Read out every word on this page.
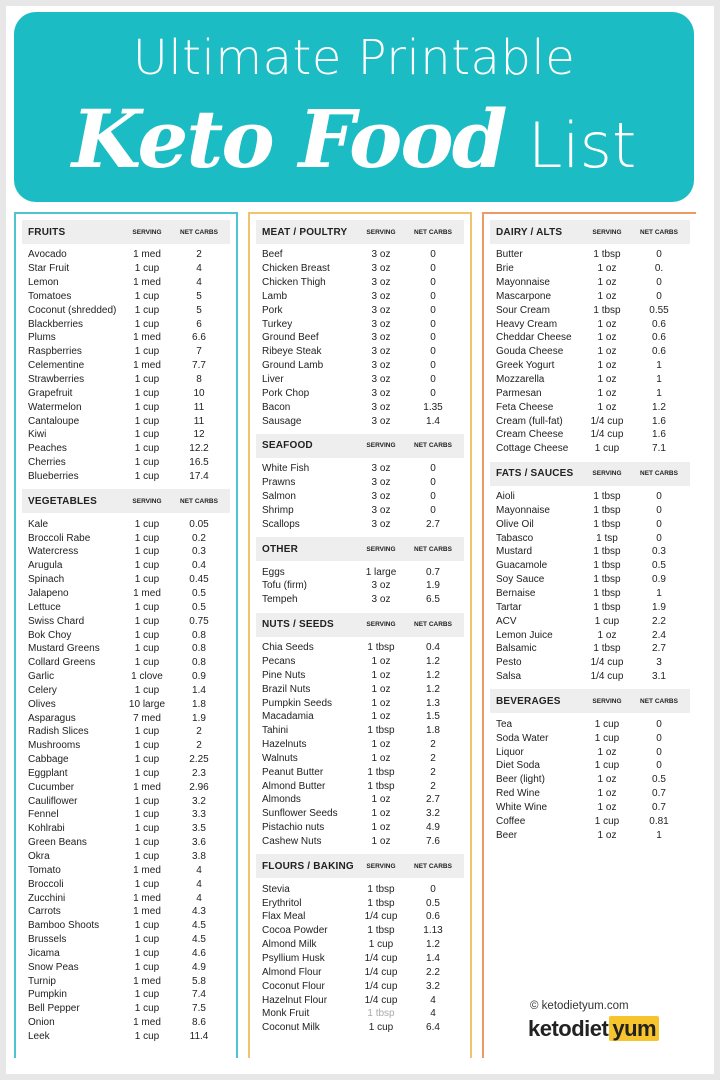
Ultimate Printable
Keto Food List
FRUITS	SERVING	NET CARBS
Avocado	1 med	2
Star Fruit	1 cup	4
Lemon	1 med	4
Tomatoes	1 cup	5
Coconut (shredded)	1 cup	5
Blackberries	1 cup	6
Plums	1 med	6.6
Raspberries	1 cup	7
Celementine	1 med	7.7
Strawberries	1 cup	8
Grapefruit	1 cup	10
Watermelon	1 cup	11
Cantaloupe	1 cup	11
Kiwi	1 cup	12
Peaches	1 cup	12.2
Cherries	1 cup	16.5
Blueberries	1 cup	17.4
VEGETABLES	SERVING	NET CARBS
Kale	1 cup	0.05
Broccoli Rabe	1 cup	0.2
Watercress	1 cup	0.3
Arugula	1 cup	0.4
Spinach	1 cup	0.45
Jalapeno	1 med	0.5
Lettuce	1 cup	0.5
Swiss Chard	1 cup	0.75
Bok Choy	1 cup	0.8
Mustard Greens	1 cup	0.8
Collard Greens	1 cup	0.8
Garlic	1 clove	0.9
Celery	1 cup	1.4
Olives	10 large	1.8
Asparagus	7 med	1.9
Radish Slices	1 cup	2
Mushrooms	1 cup	2
Cabbage	1 cup	2.25
Eggplant	1 cup	2.3
Cucumber	1 med	2.96
Cauliflower	1 cup	3.2
Fennel	1 cup	3.3
Kohlrabi	1 cup	3.5
Green Beans	1 cup	3.6
Okra	1 cup	3.8
Tomato	1 med	4
Broccoli	1 cup	4
Zucchini	1 med	4
Carrots	1 med	4.3
Bamboo Shoots	1 cup	4.5
Brussels	1 cup	4.5
Jicama	1 cup	4.6
Snow Peas	1 cup	4.9
Turnip	1 med	5.8
Pumpkin	1 cup	7.4
Bell Pepper	1 cup	7.5
Onion	1 med	8.6
Leek	1 cup	11.4
MEAT / POULTRY	SERVING	NET CARBS
Beef	3 oz	0
Chicken Breast	3 oz	0
Chicken Thigh	3 oz	0
Lamb	3 oz	0
Pork	3 oz	0
Turkey	3 oz	0
Ground Beef	3 oz	0
Ribeye Steak	3 oz	0
Ground Lamb	3 oz	0
Liver	3 oz	0
Pork Chop	3 oz	0
Bacon	3 oz	1.35
Sausage	3 oz	1.4
SEAFOOD	SERVING	NET CARBS
White Fish	3 oz	0
Prawns	3 oz	0
Salmon	3 oz	0
Shrimp	3 oz	0
Scallops	3 oz	2.7
OTHER	SERVING	NET CARBS
Eggs	1 large	0.7
Tofu (firm)	3 oz	1.9
Tempeh	3 oz	6.5
NUTS / SEEDS	SERVING	NET CARBS
Chia Seeds	1 tbsp	0.4
Pecans	1 oz	1.2
Pine Nuts	1 oz	1.2
Brazil Nuts	1 oz	1.2
Pumpkin Seeds	1 oz	1.3
Macadamia	1 oz	1.5
Tahini	1 tbsp	1.8
Hazelnuts	1 oz	2
Walnuts	1 oz	2
Peanut Butter	1 tbsp	2
Almond Butter	1 tbsp	2
Almonds	1 oz	2.7
Sunflower Seeds	1 oz	3.2
Pistachio nuts	1 oz	4.9
Cashew Nuts	1 oz	7.6
FLOURS / BAKING	SERVING	NET CARBS
Stevia	1 tbsp	0
Erythritol	1 tbsp	0.5
Flax Meal	1/4 cup	0.6
Cocoa Powder	1 tbsp	1.13
Almond Milk	1 cup	1.2
Psyllium Husk	1/4 cup	1.4
Almond Flour	1/4 cup	2.2
Coconut Flour	1/4 cup	3.2
Hazelnut Flour	1/4 cup	4
Monk Fruit	1 tbsp	4
Coconut Milk	1 cup	6.4
DAIRY / ALTS	SERVING	NET CARBS
Butter	1 tbsp	0
Brie	1 oz	0.
Mayonnaise	1 oz	0
Mascarpone	1 oz	0
Sour Cream	1 tbsp	0.55
Heavy Cream	1 oz	0.6
Cheddar Cheese	1 oz	0.6
Gouda Cheese	1 oz	0.6
Greek Yogurt	1 oz	1
Mozzarella	1 oz	1
Parmesan	1 oz	1
Feta Cheese	1 oz	1.2
Cream (full-fat)	1/4 cup	1.6
Cream Cheese	1/4 cup	1.6
Cottage Cheese	1 cup	7.1
FATS / SAUCES	SERVING	NET CARBS
Aioli	1 tbsp	0
Mayonnaise	1 tbsp	0
Olive Oil	1 tbsp	0
Tabasco	1 tsp	0
Mustard	1 tbsp	0.3
Guacamole	1 tbsp	0.5
Soy Sauce	1 tbsp	0.9
Bernaise	1 tbsp	1
Tartar	1 tbsp	1.9
ACV	1 cup	2.2
Lemon Juice	1 oz	2.4
Balsamic	1 tbsp	2.7
Pesto	1/4 cup	3
Salsa	1/4 cup	3.1
BEVERAGES	SERVING	NET CARBS
Tea	1 cup	0
Soda Water	1 cup	0
Liquor	1 oz	0
Diet Soda	1 cup	0
Beer (light)	1 oz	0.5
Red Wine	1 oz	0.7
White Wine	1 oz	0.7
Coffee	1 cup	0.81
Beer	1 oz	1
© ketodietyum.com
ketodiet yum
